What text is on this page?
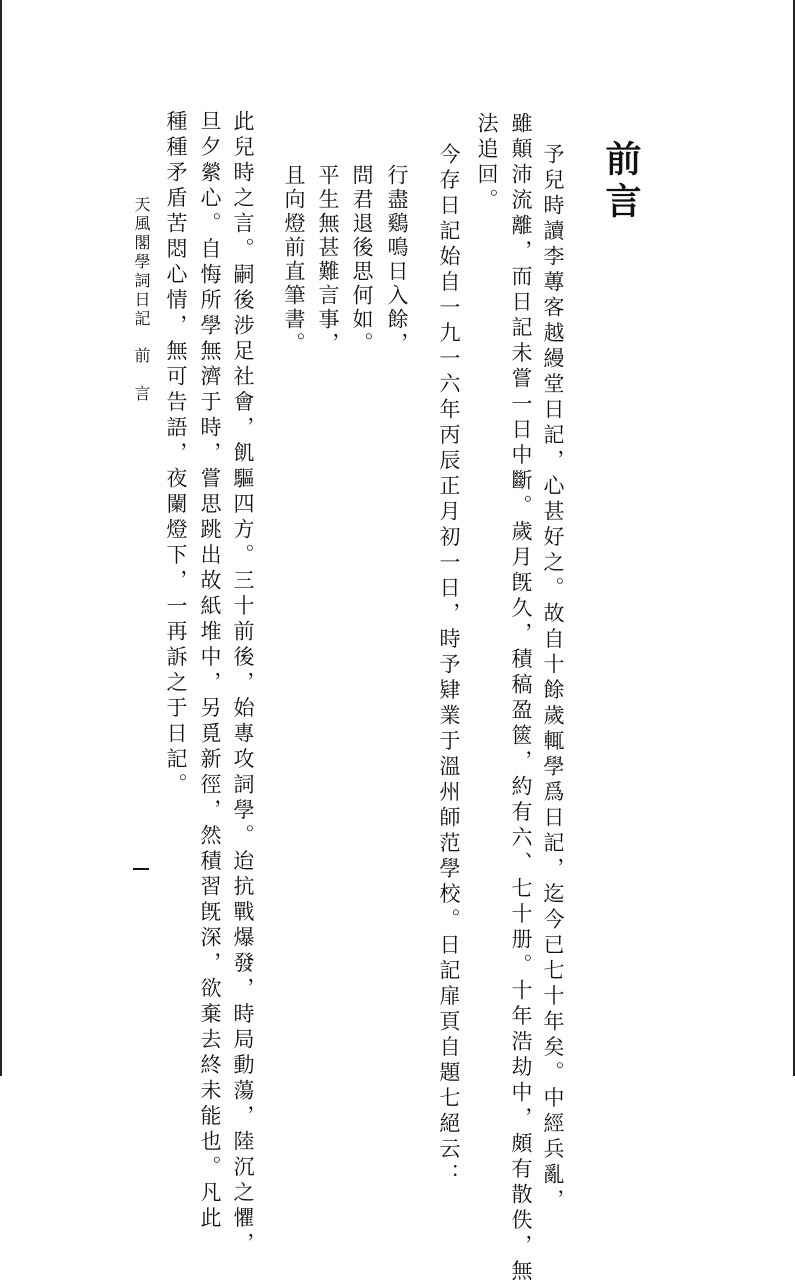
前言
予兒時讀李蓴客越縵堂日記，心甚好之。故自十餘歲輒學爲日記，迄今已七十年矣。中經兵亂，
雖顛沛流離，而日記未嘗一日中斷。歲月旣久，積稿盈篋，約有六、七十册。十年浩劫中，頗有散佚，無
法追回。
今存日記始自一九一六年丙辰正月初一日，時予肄業于溫州師范學校。日記扉頁自題七絕云：
行盡鷄鳴日入餘，
問君退後思何如。
平生無甚難言事，
且向燈前直筆書。
此兒時之言。嗣後涉足社會，飢驅四方。三十前後，始專攻詞學。迨抗戰爆發，時局動蕩，陸沉之懼，
旦夕縈心。自悔所學無濟于時，嘗思跳出故紙堆中，另覓新徑，然積習旣深，欲棄去終未能也。凡此
種種矛盾苦悶心情，無可告語，夜闌燈下，一再訴之于日記。
天風閣學詞日記前　言
